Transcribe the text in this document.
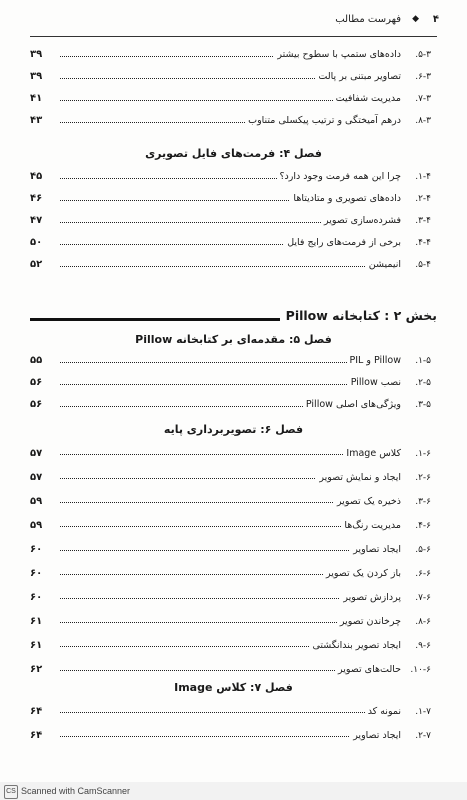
۴
◆
فهرست مطالب
۵-۳.
داده‌های ستمپ با سطوح بیشتر
۳۹
۶-۳.
تصاویر مبتنی بر پالت
۳۹
۷-۳.
مدیریت شفافیت
۴۱
۸-۳.
درهم آمیختگی و ترتیب پیکسلی متناوب
۴۳
فصل ۴: فرمت‌های فایل تصویری
۱-۴.
چرا این همه فرمت وجود دارد؟
۴۵
۲-۴.
داده‌های تصویری و متادیتاها
۴۶
۳-۴.
فشرده‌سازی تصویر
۴۷
۴-۴.
برخی از فرمت‌های رایج فایل
۵۰
۵-۴.
انیمیشن
۵۲
بخش ۲ : کتابخانه Pillow
فصل ۵: مقدمه‌ای بر کتابخانه Pillow
۱-۵.
Pillow و PIL
۵۵
۲-۵.
نصب Pillow
۵۶
۳-۵.
ویژگی‌های اصلی Pillow
۵۶
فصل ۶: تصویربرداری پایه
۱-۶.
کلاس Image
۵۷
۲-۶.
ایجاد و نمایش تصویر
۵۷
۳-۶.
ذخیره یک تصویر
۵۹
۴-۶.
مدیریت رنگ‌ها
۵۹
۵-۶.
ایجاد تصاویر
۶۰
۶-۶.
باز کردن یک تصویر
۶۰
۷-۶.
پردازش تصویر
۶۰
۸-۶.
چرخاندن تصویر
۶۱
۹-۶.
ایجاد تصویر بندانگشتی
۶۱
۱۰-۶.
حالت‌های تصویر
۶۲
فصل ۷: کلاس Image
۱-۷.
نمونه کد
۶۴
۲-۷.
ایجاد تصاویر
۶۴
CS Scanned with CamScanner
